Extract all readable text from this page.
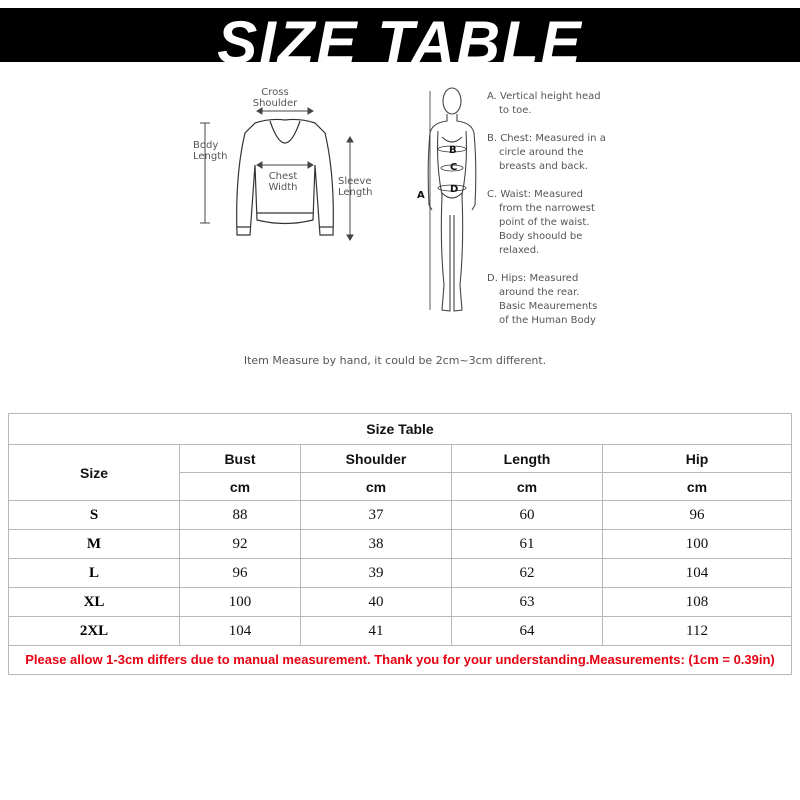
SIZE TABLE
Cross
Shoulder
Body
Length
Chest
Width
Sleeve
Length	A
B
C
D
A. Vertical height head
to toe.
B. Chest: Measured in a
circle around the
breasts and back.
C. Waist: Measured
from the narrowest
point of the waist.
Body shoould be
relaxed.
D. Hips: Measured
around the rear.
Basic Meaurements
of the Human Body
Item Measure by hand, it could be 2cm~3cm different.
Size Table				
Size	Bust	Shoulder	Length	Hip
	cm	cm	cm	cm
S	88	37	60	96
M	92	38	61	100
L	96	39	62	104
XL	100	40	63	108
2XL	104	41	64	112
Please allow 1-3cm differs due to manual measurement. Thank you for your understanding.Measurements: (1cm = 0.39in)				
